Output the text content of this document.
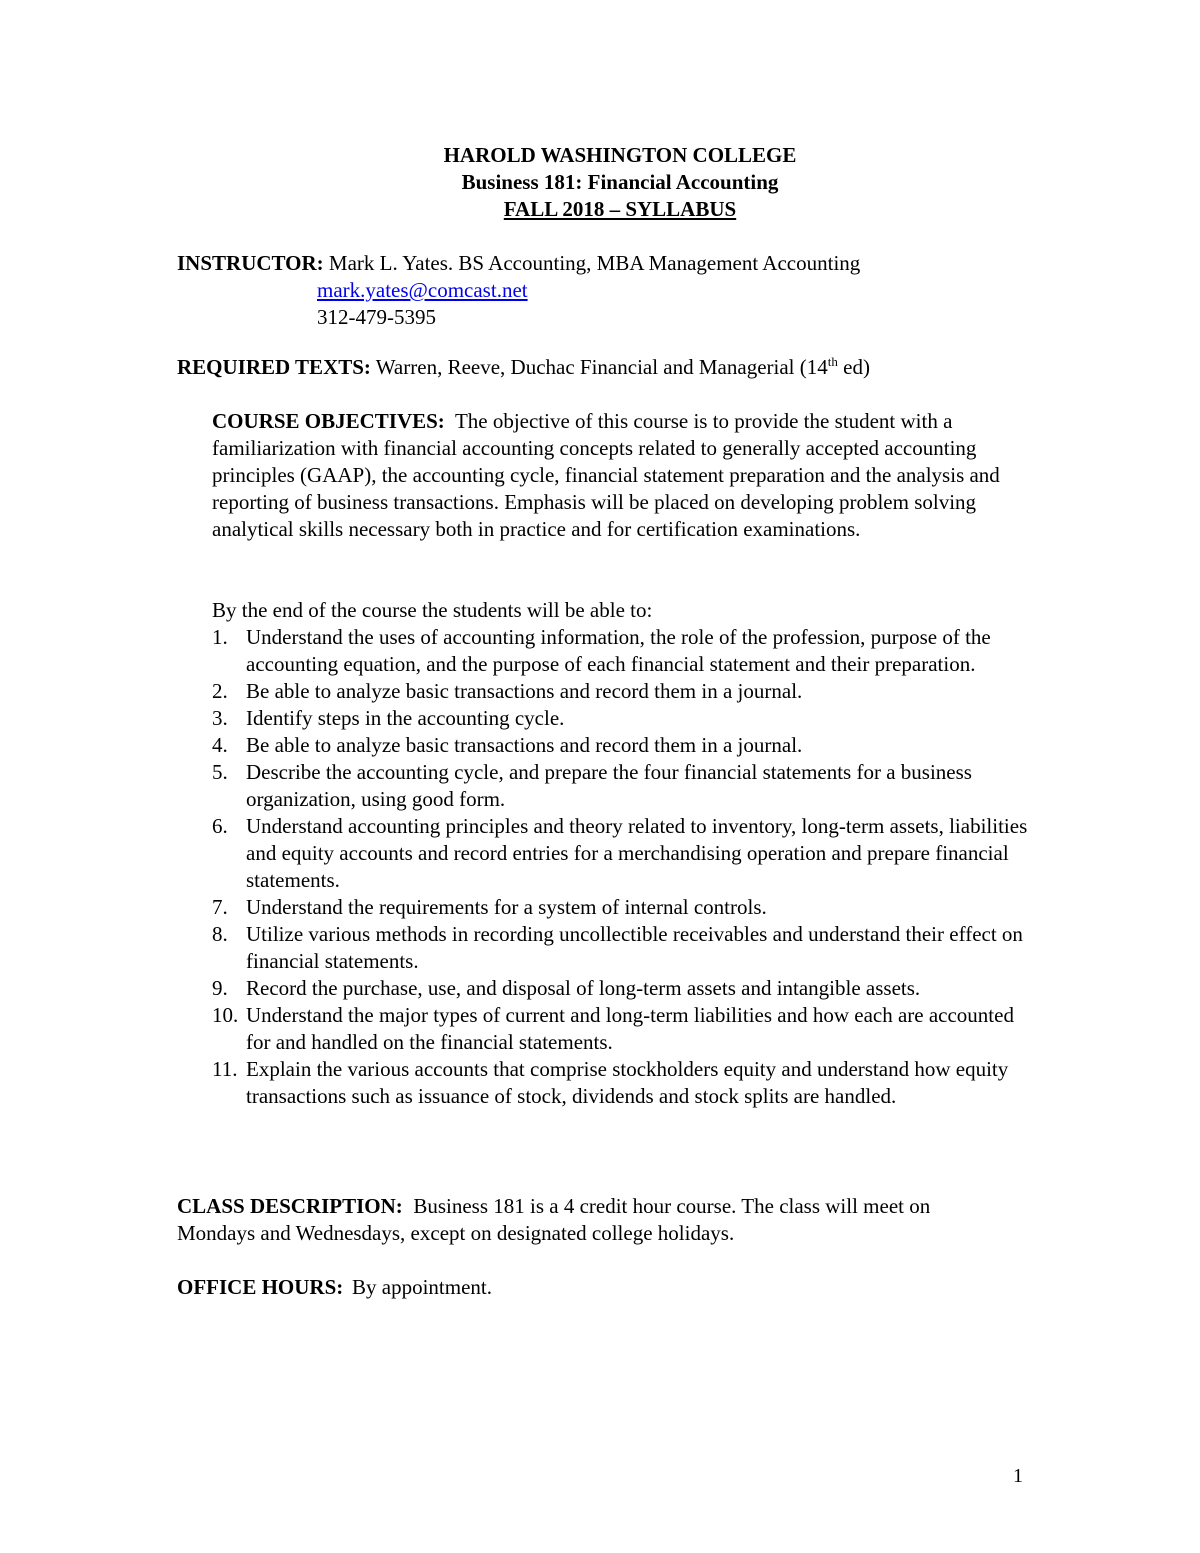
HAROLD WASHINGTON COLLEGE
Business 181: Financial Accounting
FALL 2018 – SYLLABUS
INSTRUCTOR: Mark L. Yates. BS Accounting, MBA Management Accounting
mark.yates@comcast.net
312-479-5395
REQUIRED TEXTS: Warren, Reeve, Duchac Financial and Managerial (14th ed)
COURSE OBJECTIVES: The objective of this course is to provide the student with a familiarization with financial accounting concepts related to generally accepted accounting principles (GAAP), the accounting cycle, financial statement preparation and the analysis and reporting of business transactions. Emphasis will be placed on developing problem solving analytical skills necessary both in practice and for certification examinations.
By the end of the course the students will be able to:
1. Understand the uses of accounting information, the role of the profession, purpose of the accounting equation, and the purpose of each financial statement and their preparation.
2. Be able to analyze basic transactions and record them in a journal.
3. Identify steps in the accounting cycle.
4. Be able to analyze basic transactions and record them in a journal.
5. Describe the accounting cycle, and prepare the four financial statements for a business organization, using good form.
6. Understand accounting principles and theory related to inventory, long-term assets, liabilities and equity accounts and record entries for a merchandising operation and prepare financial statements.
7. Understand the requirements for a system of internal controls.
8. Utilize various methods in recording uncollectible receivables and understand their effect on financial statements.
9. Record the purchase, use, and disposal of long-term assets and intangible assets.
10. Understand the major types of current and long-term liabilities and how each are accounted for and handled on the financial statements.
11. Explain the various accounts that comprise stockholders equity and understand how equity transactions such as issuance of stock, dividends and stock splits are handled.
CLASS DESCRIPTION: Business 181 is a 4 credit hour course. The class will meet on Mondays and Wednesdays, except on designated college holidays.
OFFICE HOURS: By appointment.
1
